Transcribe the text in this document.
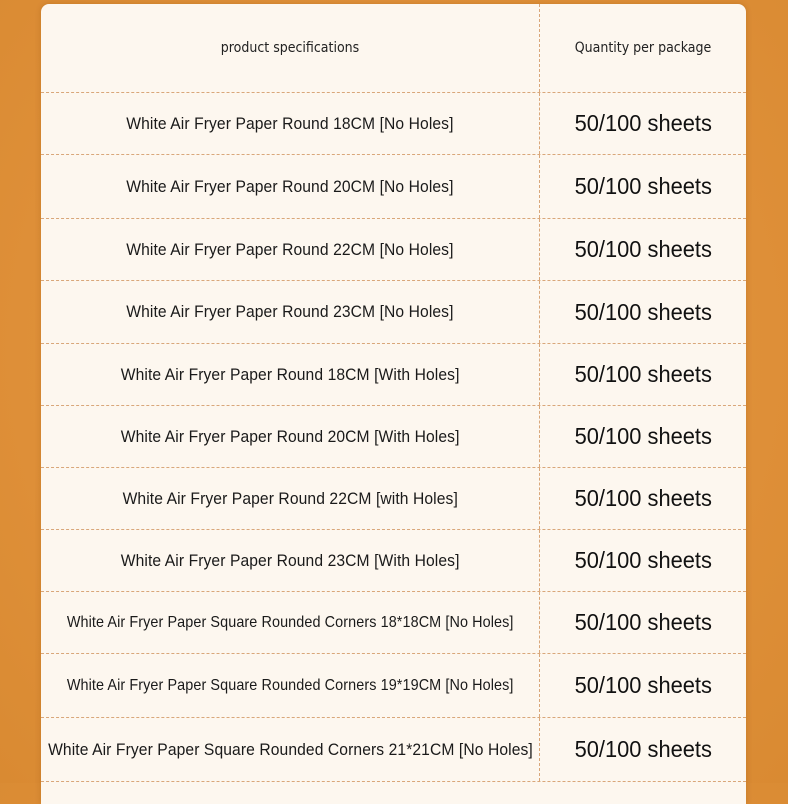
product specifications	Quantity per package
White Air Fryer Paper Round 18CM [No Holes]	50/100 sheets
White Air Fryer Paper Round 20CM [No Holes]	50/100 sheets
White Air Fryer Paper Round 22CM [No Holes]	50/100 sheets
White Air Fryer Paper Round 23CM [No Holes]	50/100 sheets
White Air Fryer Paper Round 18CM [With Holes]	50/100 sheets
White Air Fryer Paper Round 20CM [With Holes]	50/100 sheets
White Air Fryer Paper Round 22CM [with Holes]	50/100 sheets
White Air Fryer Paper Round 23CM [With Holes]	50/100 sheets
White Air Fryer Paper Square Rounded Corners 18*18CM [No Holes]	50/100 sheets
White Air Fryer Paper Square Rounded Corners 19*19CM [No Holes]	50/100 sheets
White Air Fryer Paper Square Rounded Corners 21*21CM [No Holes] 50/100 sheets
